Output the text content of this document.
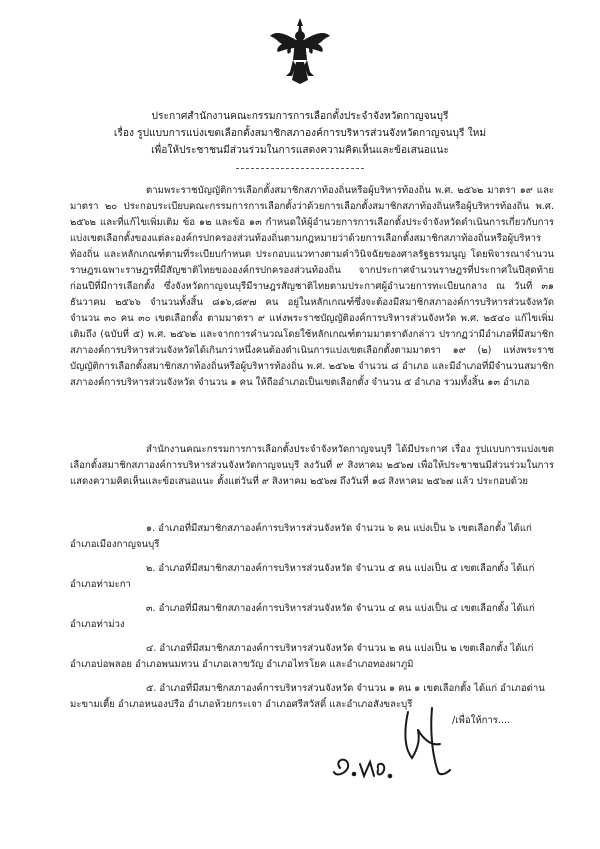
ประกาศสำนักงานคณะกรรมการการเลือกตั้งประจำจังหวัดกาญจนบุรี
เรื่อง รูปแบบการแบ่งเขตเลือกตั้งสมาชิกสภาองค์การบริหารส่วนจังหวัดกาญจนบุรี ใหม่
เพื่อให้ประชาชนมีส่วนร่วมในการแสดงความคิดเห็นและข้อเสนอแนะ
ตามพระราชบัญญัติการเลือกตั้งสมาชิกสภาท้องถิ่นหรือผู้บริหารท้องถิ่น พ.ศ. ๒๕๖๒ มาตรา ๑๙ และมาตรา ๒๐ ประกอบระเบียบคณะกรรมการการเลือกตั้งว่าด้วยการเลือกตั้งสมาชิกสภาท้องถิ่นหรือผู้บริหารท้องถิ่น พ.ศ. ๒๕๖๒ และที่แก้ไขเพิ่มเติม ข้อ ๑๒ และข้อ ๑๓ กำหนดให้ผู้อำนวยการการเลือกตั้งประจำจังหวัดดำเนินการเกี่ยวกับการแบ่งเขตเลือกตั้งของแต่ละองค์กรปกครองส่วนท้องถิ่นตามกฎหมายว่าด้วยการเลือกตั้งสมาชิกสภาท้องถิ่นหรือผู้บริหารท้องถิ่น และหลักเกณฑ์ตามที่ระเบียบกำหนด ประกอบแนวทางตามคำวินิจฉัยของศาลรัฐธรรมนูญ โดยพิจารณาจำนวนราษฎรเฉพาะราษฎรที่มีสัญชาติไทยขององค์กรปกครองส่วนท้องถิ่น จากประกาศจำนวนราษฎรที่ประกาศในปีสุดท้ายก่อนปีที่มีการเลือกตั้ง ซึ่งจังหวัดกาญจนบุรีมีราษฎรสัญชาติไทยตามประกาศผู้อำนวยการทะเบียนกลาง ณ วันที่ ๓๑ ธันวาคม ๒๕๖๖ จำนวนทั้งสิ้น ๘๑๖,๘๙๗ คน อยู่ในหลักเกณฑ์ซึ่งจะต้องมีสมาชิกสภาองค์การบริหารส่วนจังหวัด จำนวน ๓๐ คน ๓๐ เขตเลือกตั้ง ตามมาตรา ๙ แห่งพระราชบัญญัติองค์การบริหารส่วนจังหวัด พ.ศ. ๒๕๔๐ แก้ไขเพิ่มเติมถึง (ฉบับที่ ๕) พ.ศ. ๒๕๖๒ และจากการคำนวณโดยใช้หลักเกณฑ์ตามมาตราดังกล่าว ปรากฏว่ามีอำเภอที่มีสมาชิกสภาองค์การบริหารส่วนจังหวัดได้เกินกว่าหนึ่งคนต้องดำเนินการแบ่งเขตเลือกตั้งตามมาตรา ๑๙ (๒) แห่งพระราชบัญญัติการเลือกตั้งสมาชิกสภาท้องถิ่นหรือผู้บริหารท้องถิ่น พ.ศ. ๒๕๖๒ จำนวน ๘ อำเภอ และมีอำเภอที่มีจำนวนสมาชิกสภาองค์การบริหารส่วนจังหวัด จำนวน ๑ คน ให้ถืออำเภอเป็นเขตเลือกตั้ง จำนวน ๕ อำเภอ รวมทั้งสิ้น ๑๓ อำเภอ
สำนักงานคณะกรรมการการเลือกตั้งประจำจังหวัดกาญจนบุรี ได้มีประกาศ เรื่อง รูปแบบการแบ่งเขตเลือกตั้งสมาชิกสภาองค์การบริหารส่วนจังหวัดกาญจนบุรี ลงวันที่ ๙ สิงหาคม ๒๕๖๗ เพื่อให้ประชาชนมีส่วนร่วมในการแสดงความคิดเห็นและข้อเสนอแนะ ตั้งแต่วันที่ ๙ สิงหาคม ๒๕๖๗ ถึงวันที่ ๑๘ สิงหาคม ๒๕๖๗ แล้ว ประกอบด้วย
๑. อำเภอที่มีสมาชิกสภาองค์การบริหารส่วนจังหวัด จำนวน ๖ คน แบ่งเป็น ๖ เขตเลือกตั้ง ได้แก่ อำเภอเมืองกาญจนบุรี
๒. อำเภอที่มีสมาชิกสภาองค์การบริหารส่วนจังหวัด จำนวน ๕ คน แบ่งเป็น ๕ เขตเลือกตั้ง ได้แก่ อำเภอท่ามะกา
๓. อำเภอที่มีสมาชิกสภาองค์การบริหารส่วนจังหวัด จำนวน ๔ คน แบ่งเป็น ๔ เขตเลือกตั้ง ได้แก่ อำเภอท่าม่วง
๔. อำเภอที่มีสมาชิกสภาองค์การบริหารส่วนจังหวัด จำนวน ๒ คน แบ่งเป็น ๒ เขตเลือกตั้ง ได้แก่ อำเภอบ่อพลอย อำเภอพนมทวน อำเภอเลาขวัญ อำเภอไทรโยค และอำเภอทองผาภูมิ
๕. อำเภอที่มีสมาชิกสภาองค์การบริหารส่วนจังหวัด จำนวน ๑ คน ๑ เขตเลือกตั้ง ได้แก่ อำเภอด่านมะขามเตี้ย อำเภอหนองปรือ อำเภอห้วยกระเจา อำเภอศรีสวัสดิ์ และอำเภอสังขละบุรี
/เพื่อให้การ....
